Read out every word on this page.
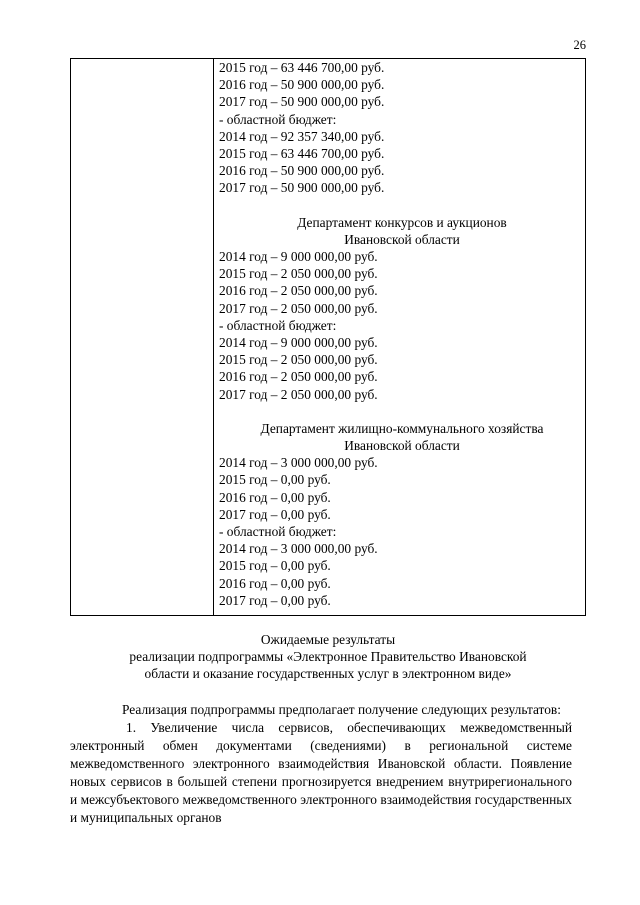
26
2015 год – 63 446 700,00 руб.
2016 год – 50 900 000,00 руб.
2017 год – 50 900 000,00 руб.
- областной бюджет:
2014 год – 92 357 340,00 руб.
2015 год – 63 446 700,00 руб.
2016 год – 50 900 000,00 руб.
2017 год – 50 900 000,00 руб.
Департамент конкурсов и аукционов
Ивановской области
2014 год – 9 000 000,00 руб.
2015 год – 2 050 000,00 руб.
2016 год – 2 050 000,00 руб.
2017 год – 2 050 000,00 руб.
- областной бюджет:
2014 год – 9 000 000,00 руб.
2015 год – 2 050 000,00 руб.
2016 год – 2 050 000,00 руб.
2017 год – 2 050 000,00 руб.
Департамент жилищно-коммунального хозяйства
Ивановской области
2014 год – 3 000 000,00 руб.
2015 год – 0,00 руб.
2016 год – 0,00 руб.
2017 год – 0,00 руб.
- областной бюджет:
2014 год – 3 000 000,00 руб.
2015 год – 0,00 руб.
2016 год – 0,00 руб.
2017 год – 0,00 руб.
Ожидаемые результаты
реализации подпрограммы «Электронное Правительство Ивановской
области и оказание государственных услуг в электронном виде»

Реализация подпрограммы предполагает получение следующих результатов:

1. Увеличение числа сервисов, обеспечивающих межведомственный электронный обмен документами (сведениями) в региональной системе межведомственного электронного взаимодействия Ивановской области. Появление новых сервисов в большей степени прогнозируется внедрением внутрирегионального и межсубъектового межведомственного электронного взаимодействия государственных и муниципальных органов
